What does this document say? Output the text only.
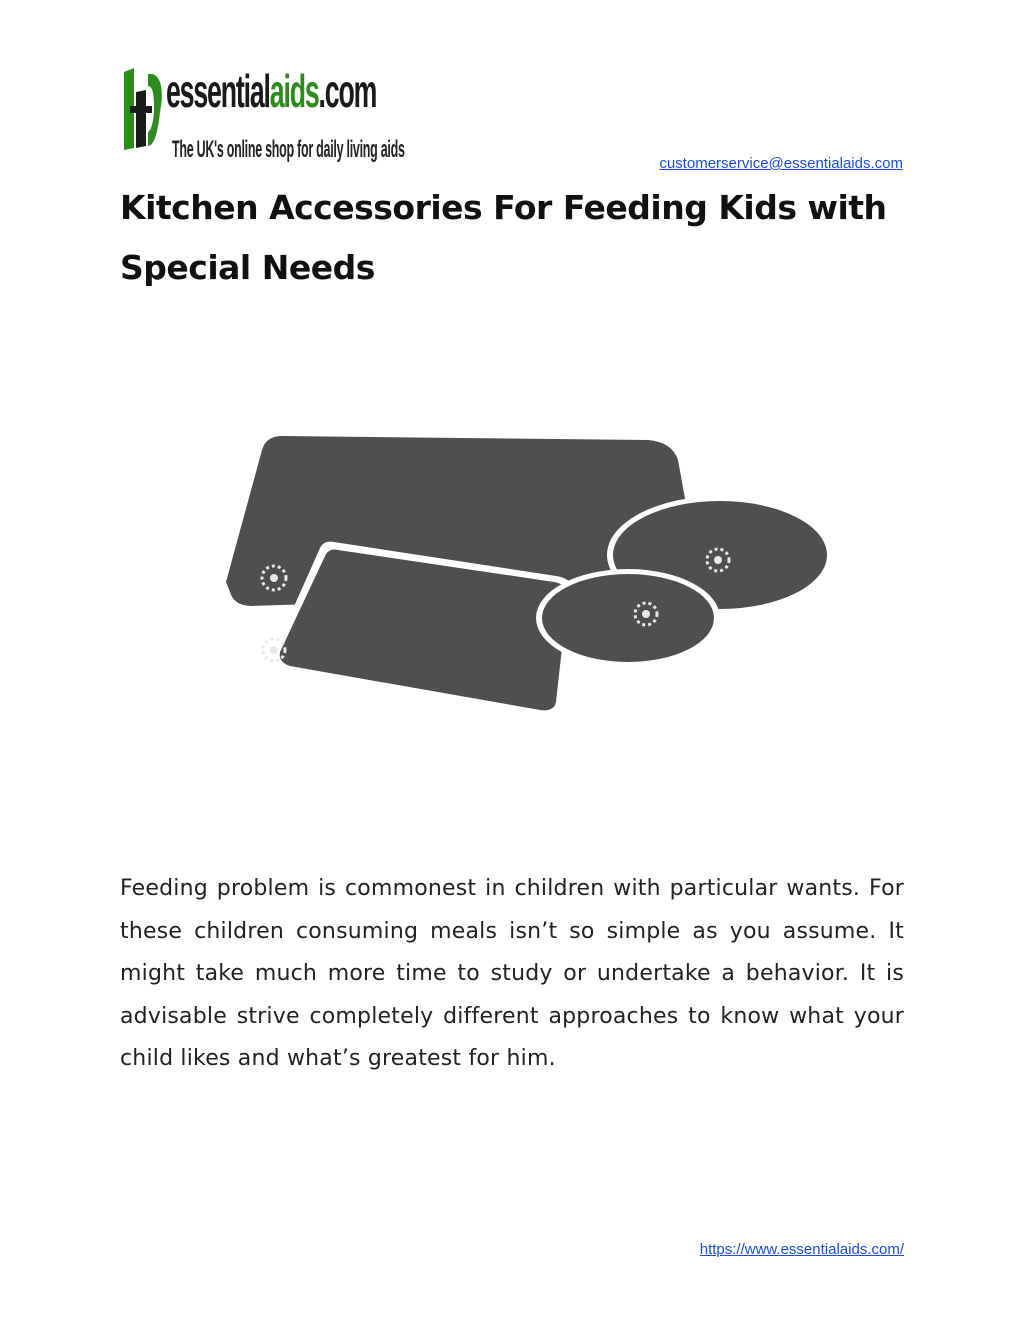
essentialaids.com
The UK's online shop for daily living aids
customerservice@essentialaids.com
Kitchen Accessories For Feeding Kids with Special Needs

Feeding problem is commonest in children with particular wants. For these children consuming meals isn’t so simple as you assume. It might take much more time to study or undertake a behavior. It is advisable strive completely different approaches to know what your child likes and what’s greatest for him.

https://www.essentialaids.com/
